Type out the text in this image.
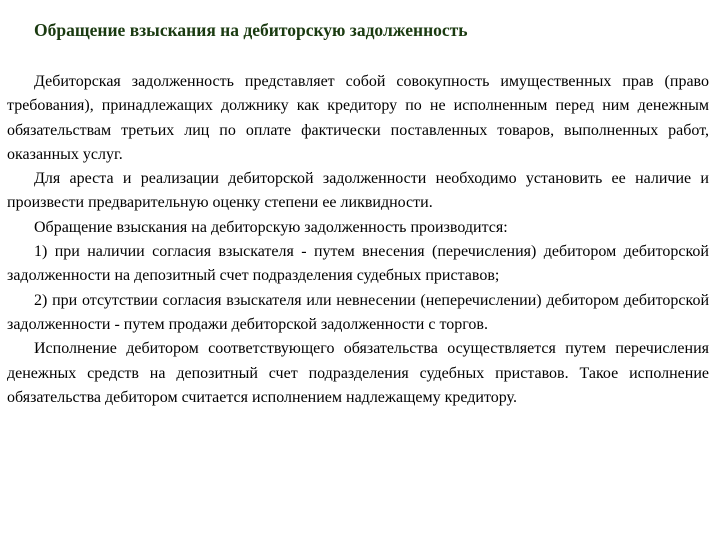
Обращение взыскания на дебиторскую задолженность

Дебиторская задолженность представляет собой совокупность имущественных прав (право требования), принадлежащих должнику как кредитору по не исполненным перед ним денежным обязательствам третьих лиц по оплате фактически поставленных товаров, выполненных работ, оказанных услуг.

Для ареста и реализации дебиторской задолженности необходимо установить ее наличие и произвести предварительную оценку степени ее ликвидности.

Обращение взыскания на дебиторскую задолженность производится:

1) при наличии согласия взыскателя - путем внесения (перечисления) дебитором дебиторской задолженности на депозитный счет подразделения судебных приставов;

2) при отсутствии согласия взыскателя или невнесении (неперечислении) дебитором дебиторской задолженности - путем продажи дебиторской задолженности с торгов.

Исполнение дебитором соответствующего обязательства осуществляется путем перечисления денежных средств на депозитный счет подразделения судебных приставов. Такое исполнение обязательства дебитором считается исполнением надлежащему кредитору.
